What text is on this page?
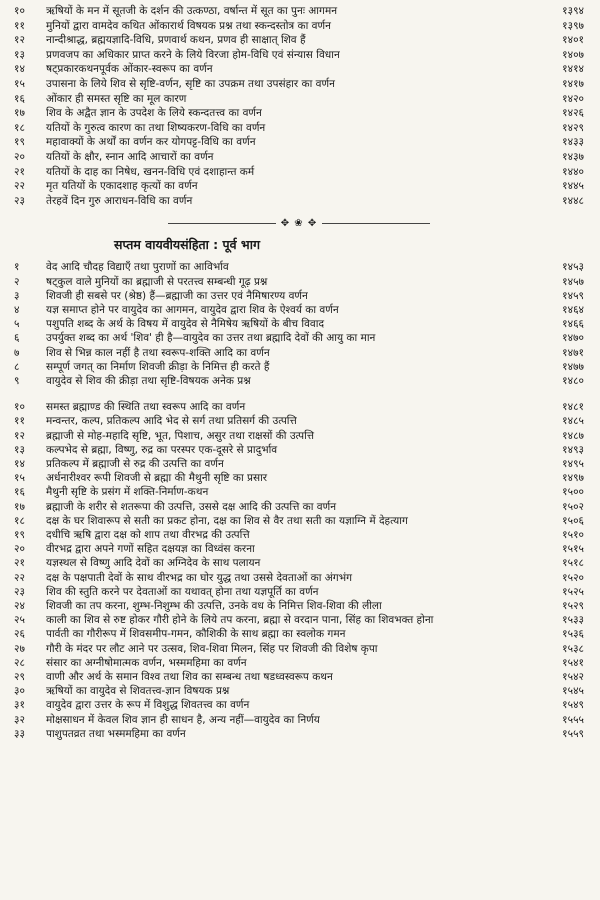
१०	ऋषियों के मन में सूतजी के दर्शन की उत्कण्ठा, वर्षान्त में सूत का पुनः आगमन	१३९४
११	मुनियों द्वारा वामदेव कथित ओंकारार्थ विषयक प्रश्न तथा स्कन्दस्तोत्र का वर्णन	१३९७
१२	नान्दीश्राद्ध, ब्रह्मयज्ञादि-विधि, प्रणवार्थ कथन, प्रणव ही साक्षात् शिव हैं	१४०१
१३	प्रणवजप का अधिकार प्राप्त करने के लिये विरजा होम-विधि एवं संन्यास विधान	१४०७
१४	षट्प्रकारकथनपूर्वक ओंकार-स्वरूप का वर्णन	१४१४
१५	उपासना के लिये शिव से सृष्टि-वर्णन, सृष्टि का उपक्रम तथा उपसंहार का वर्णन	१४१७
१६	ओंकार ही समस्त सृष्टि का मूल कारण	१४२०
१७	शिव के अद्वैत ज्ञान के उपदेश के लिये स्कन्दतत्त्व का वर्णन	१४२६
१८	यतियों के गुरुत्व कारण का तथा शिष्यकरण-विधि का वर्णन	१४२९
१९	महावाक्यों के अर्थों का वर्णन कर योगपट्ट-विधि का वर्णन	१४३३
२०	यतियों के क्षौर, स्नान आदि आचारों का वर्णन	१४३७
२१	यतियों के दाह का निषेध, खनन-विधि एवं दशाहान्त कर्म	१४४०
२२	मृत यतियों के एकादशाह कृत्यों का वर्णन	१४४५
२३	तेरहवें दिन गुरु आराधन-विधि का वर्णन	१४४८
✥ ❀ ✥
सप्तम वायवीयसंहिता : पूर्व भाग
१	वेद आदि चौदह विद्याएँ तथा पुराणों का आविर्भाव	१४५३
२	षट्कुल वाले मुनियों का ब्रह्माजी से परतत्त्व सम्बन्धी गूढ़ प्रश्न	१४५७
३	शिवजी ही सबसे पर (श्रेष्ठ) हैं—ब्रह्माजी का उत्तर एवं नैमिषारण्य वर्णन	१४५९
४	यज्ञ समाप्त होने पर वायुदेव का आगमन, वायुदेव द्वारा शिव के ऐश्वर्य का वर्णन	१४६४
५	पशुपति शब्द के अर्थ के विषय में वायुदेव से नैमिषेय ऋषियों के बीच विवाद	१४६६
६	उपर्युक्त शब्द का अर्थ 'शिव' ही है—वायुदेव का उत्तर तथा ब्रह्मादि देवों की आयु का मान	१४७०
७	शिव से भिन्न काल नहीं है तथा स्वरूप-शक्ति आदि का वर्णन	१४७१
८	सम्पूर्ण जगत् का निर्माण शिवजी क्रीड़ा के निमित्त ही करते हैं	१४७७
९	वायुदेव से शिव की क्रीड़ा तथा सृष्टि-विषयक अनेक प्रश्न	१४८०
१०	समस्त ब्रह्माण्ड की स्थिति तथा स्वरूप आदि का वर्णन	१४८१
११	मन्वन्तर, कल्प, प्रतिकल्प आदि भेद से सर्ग तथा प्रतिसर्ग की उत्पत्ति	१४८५
१२	ब्रह्माजी से मोह-महादि सृष्टि, भूत, पिशाच, असुर तथा राक्षसों की उत्पत्ति	१४८७
१३	कल्पभेद से ब्रह्मा, विष्णु, रुद्र का परस्पर एक-दूसरे से प्रादुर्भाव	१४९३
१४	प्रतिकल्प में ब्रह्माजी से रुद्र की उत्पत्ति का वर्णन	१४९५
१५	अर्धनारीश्वर रूपी शिवजी से ब्रह्मा की मैथुनी सृष्टि का प्रसार	१४९७
१६	मैथुनी सृष्टि के प्रसंग में शक्ति-निर्माण-कथन	१५००
१७	ब्रह्माजी के शरीर से शतरूपा की उत्पत्ति, उससे दक्ष आदि की उत्पत्ति का वर्णन	१५०२
१८	दक्ष के घर शिवारूप से सती का प्रकट होना, दक्ष का शिव से वैर तथा सती का यज्ञाग्नि में देहत्याग	१५०६
१९	दधीचि ऋषि द्वारा दक्ष को शाप तथा वीरभद्र की उत्पत्ति	१५१०
२०	वीरभद्र द्वारा अपने गणों सहित दक्षयज्ञ का विध्वंस करना	१५१५
२१	यज्ञस्थल से विष्णु आदि देवों का अग्निदेव के साथ पलायन	१५१८
२२	दक्ष के पक्षपाती देवों के साथ वीरभद्र का घोर युद्ध तथा उससे देवताओं का अंगभंग	१५२०
२३	शिव की स्तुति करने पर देवताओं का यथावत् होना तथा यज्ञपूर्ति का वर्णन	१५२५
२४	शिवजी का तप करना, शुम्भ-निशुम्भ की उत्पत्ति, उनके वध के निमित्त शिव-शिवा की लीला	१५२९
२५	काली का शिव से रुष्ट होकर गौरी होने के लिये तप करना, ब्रह्मा से वरदान पाना, सिंह का शिवभक्त होना	१५३३
२६	पार्वती का गौरीरूप में शिवसमीप-गमन, कौशिकी के साथ ब्रह्मा का स्वलोक गमन	१५३६
२७	गौरी के मंदर पर लौट आने पर उत्सव, शिव-शिवा मिलन, सिंह पर शिवजी की विशेष कृपा	१५३८
२८	संसार का अग्नीषोमात्मक वर्णन, भस्ममहिमा का वर्णन	१५४१
२९	वाणी और अर्थ के समान विश्व तथा शिव का सम्बन्ध तथा षडध्वस्वरूप कथन	१५४२
३०	ऋषियों का वायुदेव से शिवतत्त्व-ज्ञान विषयक प्रश्न	१५४५
३१	वायुदेव द्वारा उत्तर के रूप में विशुद्ध शिवतत्त्व का वर्णन	१५४९
३२	मोक्षसाधन में केवल शिव ज्ञान ही साधन है, अन्य नहीं—वायुदेव का निर्णय	१५५५
३३	पाशुपतव्रत तथा भस्ममहिमा का वर्णन	१५५९
